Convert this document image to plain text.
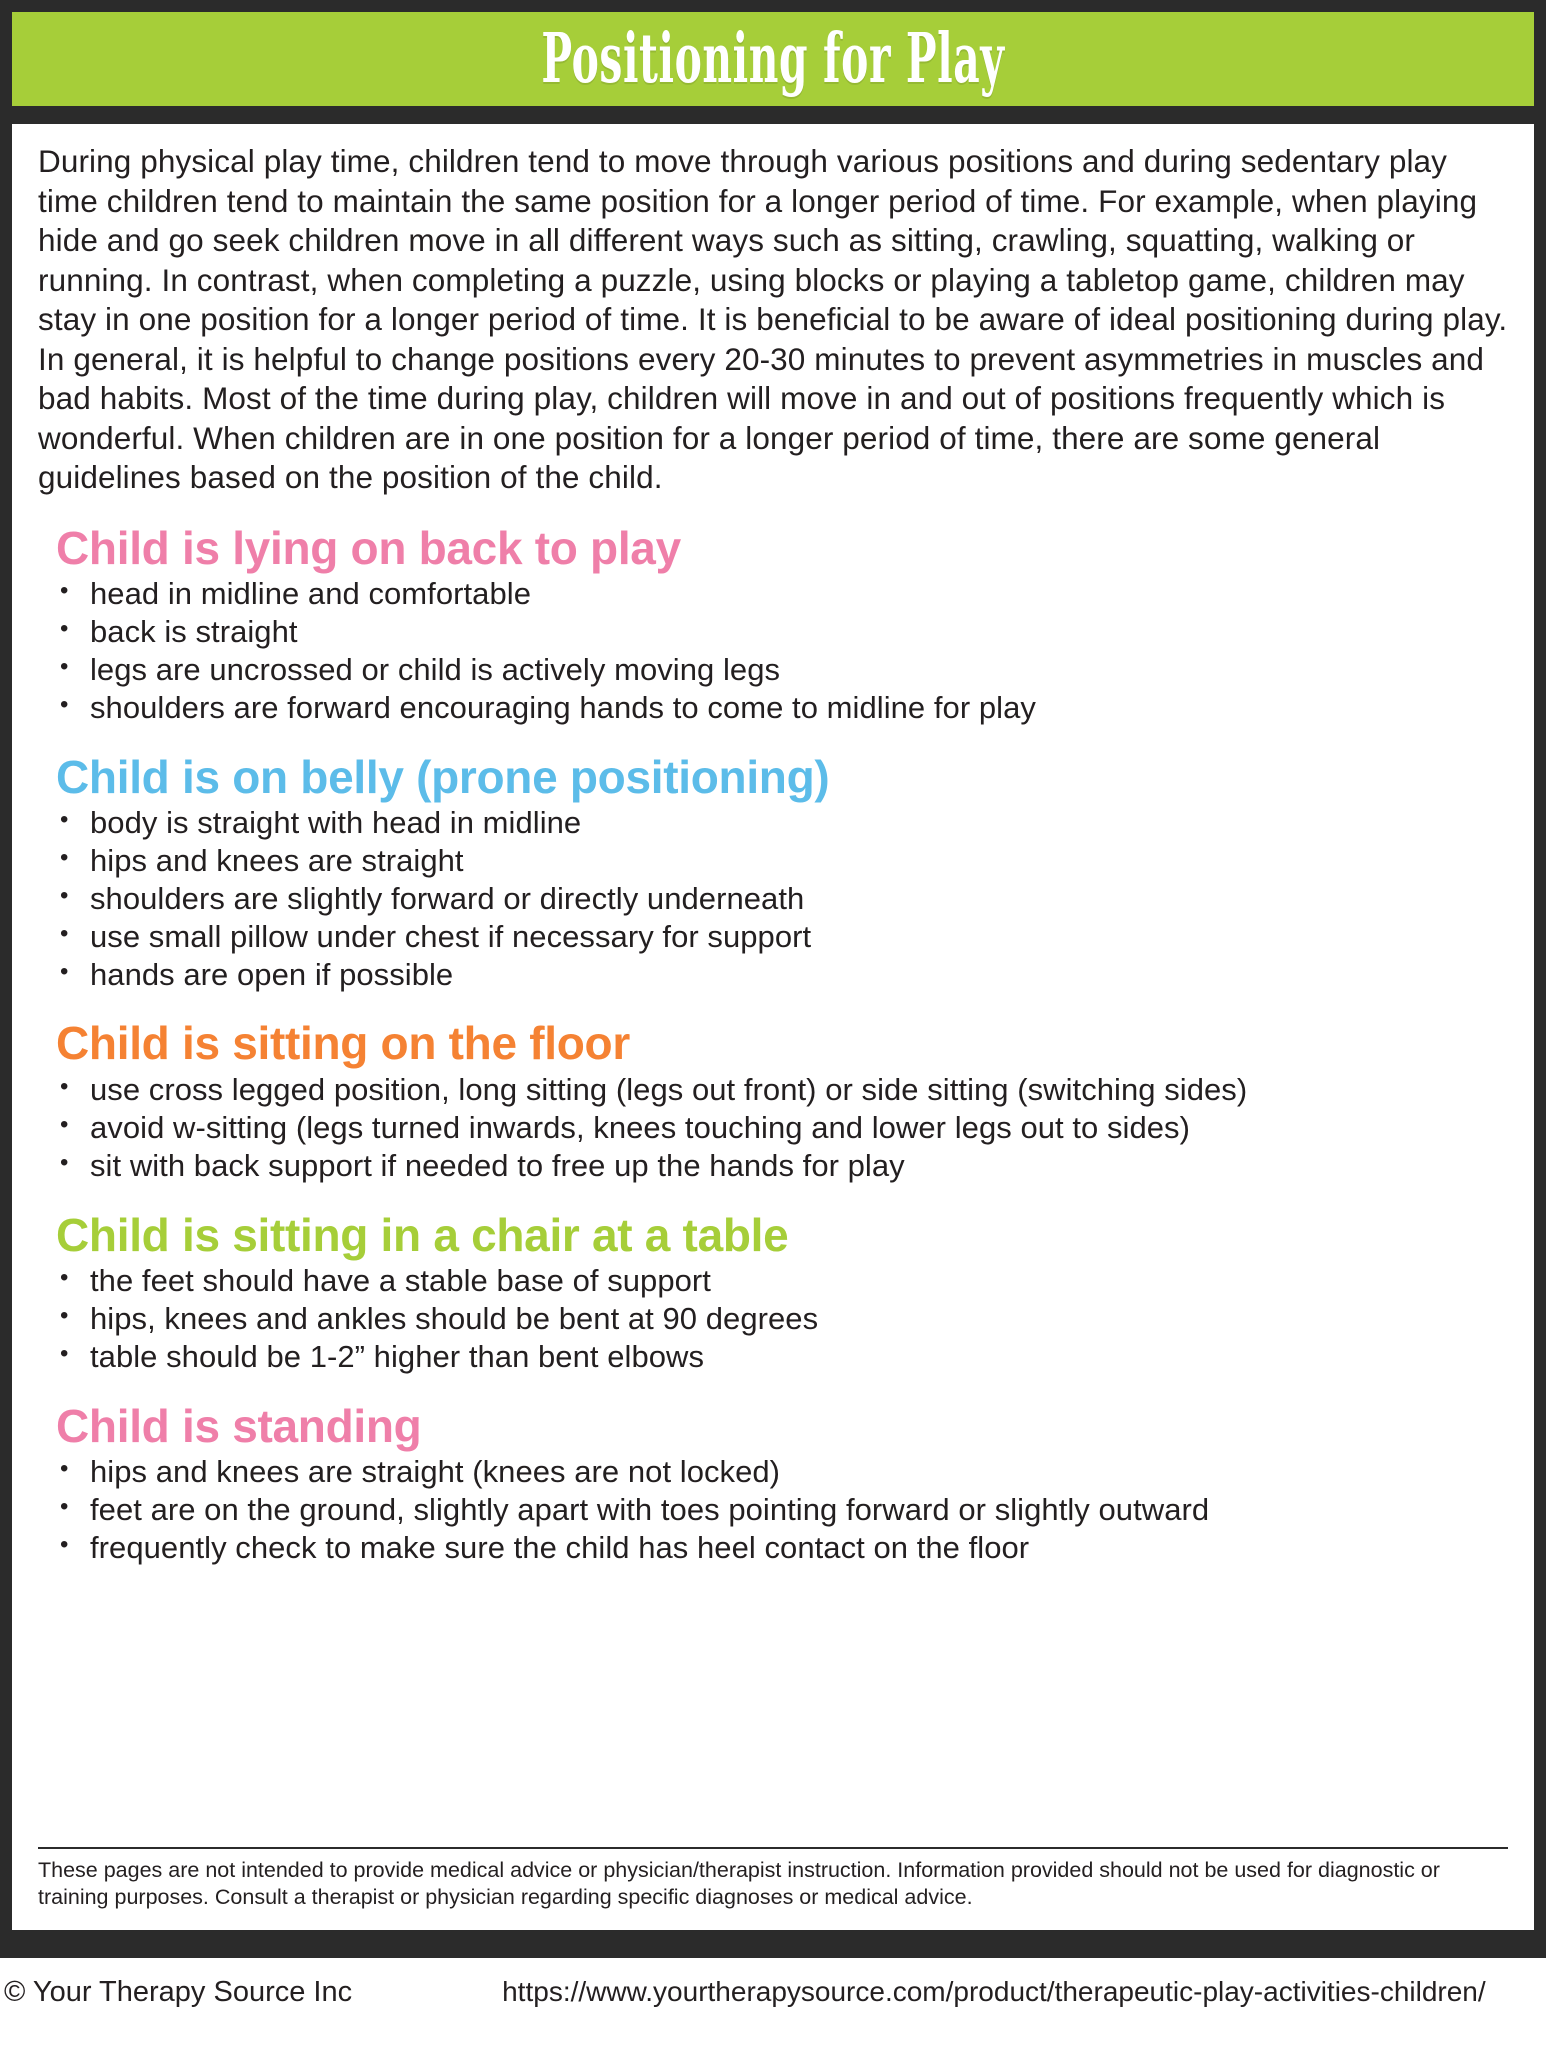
Positioning for Play

During physical play time, children tend to move through various positions and during sedentary play time children tend to maintain the same position for a longer period of time. For example, when playing hide and go seek children move in all different ways such as sitting, crawling, squatting, walking or running. In contrast, when completing a puzzle, using blocks or playing a tabletop game, children may stay in one position for a longer period of time. It is beneficial to be aware of ideal positioning during play. In general, it is helpful to change positions every 20-30 minutes to prevent asymmetries in muscles and bad habits. Most of the time during play, children will move in and out of positions frequently which is wonderful. When children are in one position for a longer period of time, there are some general guidelines based on the position of the child.

Child is lying on back to play
• head in midline and comfortable
• back is straight
• legs are uncrossed or child is actively moving legs
• shoulders are forward encouraging hands to come to midline for play
Child is on belly (prone positioning)
• body is straight with head in midline
• hips and knees are straight
• shoulders are slightly forward or directly underneath
• use small pillow under chest if necessary for support
• hands are open if possible
Child is sitting on the floor
• use cross legged position, long sitting (legs out front) or side sitting (switching sides)
• avoid w-sitting (legs turned inwards, knees touching and lower legs out to sides)
• sit with back support if needed to free up the hands for play
Child is sitting in a chair at a table
• the feet should have a stable base of support
• hips, knees and ankles should be bent at 90 degrees
• table should be 1-2” higher than bent elbows
Child is standing
• hips and knees are straight (knees are not locked)
• feet are on the ground, slightly apart with toes pointing forward or slightly outward
• frequently check to make sure the child has heel contact on the floor
These pages are not intended to provide medical advice or physician/therapist instruction. Information provided should not be used for diagnostic or training purposes. Consult a therapist or physician regarding specific diagnoses or medical advice.
© Your Therapy Source Inc	https://www.yourtherapysource.com/product/therapeutic-play-activities-children/
